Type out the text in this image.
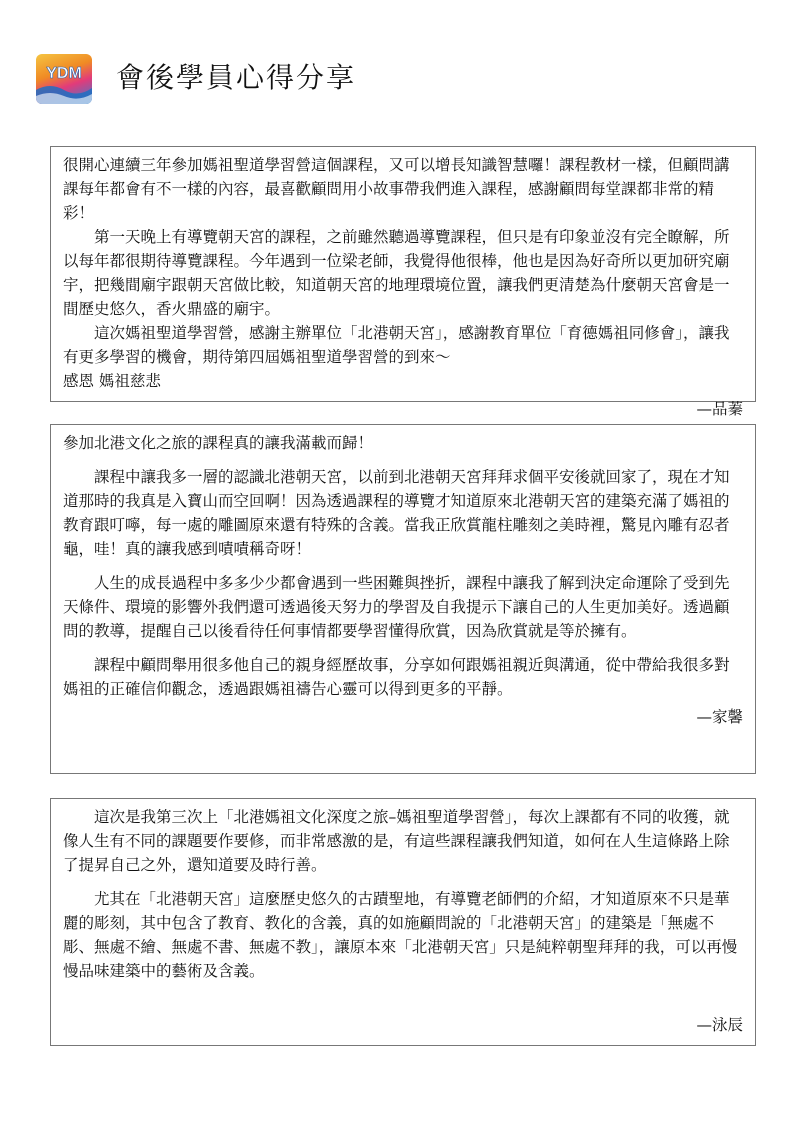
YDM 會後學員心得分享

很開心連續三年參加媽祖聖道學習營這個課程，又可以增長知識智慧囉！課程教材一樣，但顧問講課每年都會有不一樣的內容，最喜歡顧問用小故事帶我們進入課程，感謝顧問每堂課都非常的精彩！

第一天晚上有導覽朝天宮的課程，之前雖然聽過導覽課程，但只是有印象並沒有完全瞭解，所以每年都很期待導覽課程。今年遇到一位梁老師，我覺得他很棒，他也是因為好奇所以更加研究廟宇，把幾間廟宇跟朝天宮做比較，知道朝天宮的地理環境位置，讓我們更清楚為什麼朝天宮會是一間歷史悠久，香火鼎盛的廟宇。

這次媽祖聖道學習營，感謝主辦單位「北港朝天宮」，感謝教育單位「育德媽祖同修會」，讓我有更多學習的機會，期待第四屆媽祖聖道學習營的到來～

感恩 媽祖慈悲

—品蓁

參加北港文化之旅的課程真的讓我滿載而歸！

課程中讓我多一層的認識北港朝天宮，以前到北港朝天宮拜拜求個平安後就回家了，現在才知道那時的我真是入寶山而空回啊！因為透過課程的導覽才知道原來北港朝天宮的建築充滿了媽祖的教育跟叮嚀，每一處的雕圖原來還有特殊的含義。當我正欣賞龍柱雕刻之美時裡，驚見內雕有忍者龜，哇！真的讓我感到嘖嘖稱奇呀！

人生的成長過程中多多少少都會遇到一些困難與挫折，課程中讓我了解到決定命運除了受到先天條件、環境的影響外我們還可透過後天努力的學習及自我提示下讓自己的人生更加美好。透過顧問的教導，提醒自己以後看待任何事情都要學習懂得欣賞，因為欣賞就是等於擁有。

課程中顧問舉用很多他自己的親身經歷故事，分享如何跟媽祖親近與溝通，從中帶給我很多對媽祖的正確信仰觀念，透過跟媽祖禱告心靈可以得到更多的平靜。

—家馨

這次是我第三次上「北港媽祖文化深度之旅–媽祖聖道學習營」，每次上課都有不同的收獲，就像人生有不同的課題要作要修，而非常感激的是，有這些課程讓我們知道，如何在人生這條路上除了提昇自己之外，還知道要及時行善。

尤其在「北港朝天宮」這麼歷史悠久的古蹟聖地，有導覽老師們的介紹，才知道原來不只是華麗的彫刻，其中包含了教育、教化的含義，真的如施顧問說的「北港朝天宮」的建築是「無處不彫、無處不繪、無處不書、無處不教」，讓原本來「北港朝天宮」只是純粹朝聖拜拜的我，可以再慢慢品味建築中的藝術及含義。

—泳辰
